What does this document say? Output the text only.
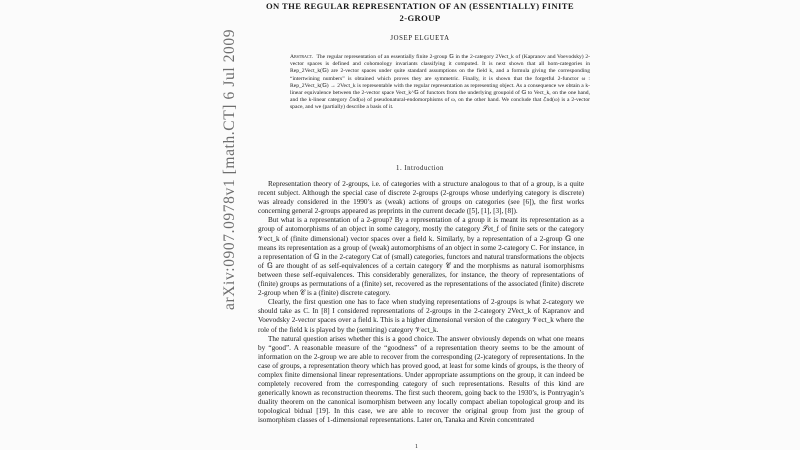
arXiv:0907.0978v1 [math.CT] 6 Jul 2009
ON THE REGULAR REPRESENTATION OF AN (ESSENTIALLY) FINITE
2-GROUP
JOSEP ELGUETA

Abstract. The regular representation of an essentially finite 2-group 𝔾 in the 2-category 2Vect_k of (Kapranov and Voevodsky) 2-vector spaces is defined and cohomology invariants classifying it computed. It is next shown that all hom-categories in Rep_2Vect_k(𝔾) are 2-vector spaces under quite standard assumptions on the field k, and a formula giving the corresponding “intertwining numbers” is obtained which proves they are symmetric. Finally, it is shown that the forgetful 2-functor ω : Rep_2Vect_k(𝔾) → 2Vect_k is representable with the regular representation as representing object. As a consequence we obtain a k-linear equivalence between the 2-vector space Vect_k^𝔾 of functors from the underlying groupoid of 𝔾 to Vect_k, on the one hand, and the k-linear category ℰnd(ω) of pseudonatural-endomorphisms of ω, on the other hand. We conclude that ℰnd(ω) is a 2-vector space, and we (partially) describe a basis of it.

1. Introduction

Representation theory of 2-groups, i.e. of categories with a structure analogous to that of a group, is a quite recent subject. Although the special case of discrete 2-groups (2-groups whose underlying category is discrete) was already considered in the 1990’s as (weak) actions of groups on categories (see [6]), the first works concerning general 2-groups appeared as preprints in the current decade ([5], [1], [3], [8]).

But what is a representation of a 2-group? By a representation of a group it is meant its representation as a group of automorphisms of an object in some category, mostly the category 𝒮et_f of finite sets or the category 𝒱ect_k of (finite dimensional) vector spaces over a field k. Similarly, by a representation of a 2-group 𝔾 one means its representation as a group of (weak) automorphisms of an object in some 2-category C. For instance, in a representation of 𝔾 in the 2-category Cat of (small) categories, functors and natural transformations the objects of 𝔾 are thought of as self-equivalences of a certain category 𝒞 and the morphisms as natural isomorphisms between these self-equivalences. This considerably generalizes, for instance, the theory of representations of (finite) groups as permutations of a (finite) set, recovered as the representations of the associated (finite) discrete 2-group when 𝒞 is a (finite) discrete category.

Clearly, the first question one has to face when studying representations of 2-groups is what 2-category we should take as C. In [8] I considered representations of 2-groups in the 2-category 2Vect_k of Kapranov and Voevodsky 2-vector spaces over a field k. This is a higher dimensional version of the category 𝒱ect_k where the role of the field k is played by the (semiring) category 𝒱ect_k.

The natural question arises whether this is a good choice. The answer obviously depends on what one means by “good”. A reasonable measure of the “goodness” of a representation theory seems to be the amount of information on the 2-group we are able to recover from the corresponding (2-)category of representations. In the case of groups, a representation theory which has proved good, at least for some kinds of groups, is the theory of complex finite dimensional linear representations. Under appropriate assumptions on the group, it can indeed be completely recovered from the corresponding category of such representations. Results of this kind are generically known as reconstruction theorems. The first such theorem, going back to the 1930’s, is Pontryagin’s duality theorem on the canonical isomorphism between any locally compact abelian topological group and its topological bidual [19]. In this case, we are able to recover the original group from just the group of isomorphism classes of 1-dimensional representations. Later on, Tanaka and Krein concentrated

1
